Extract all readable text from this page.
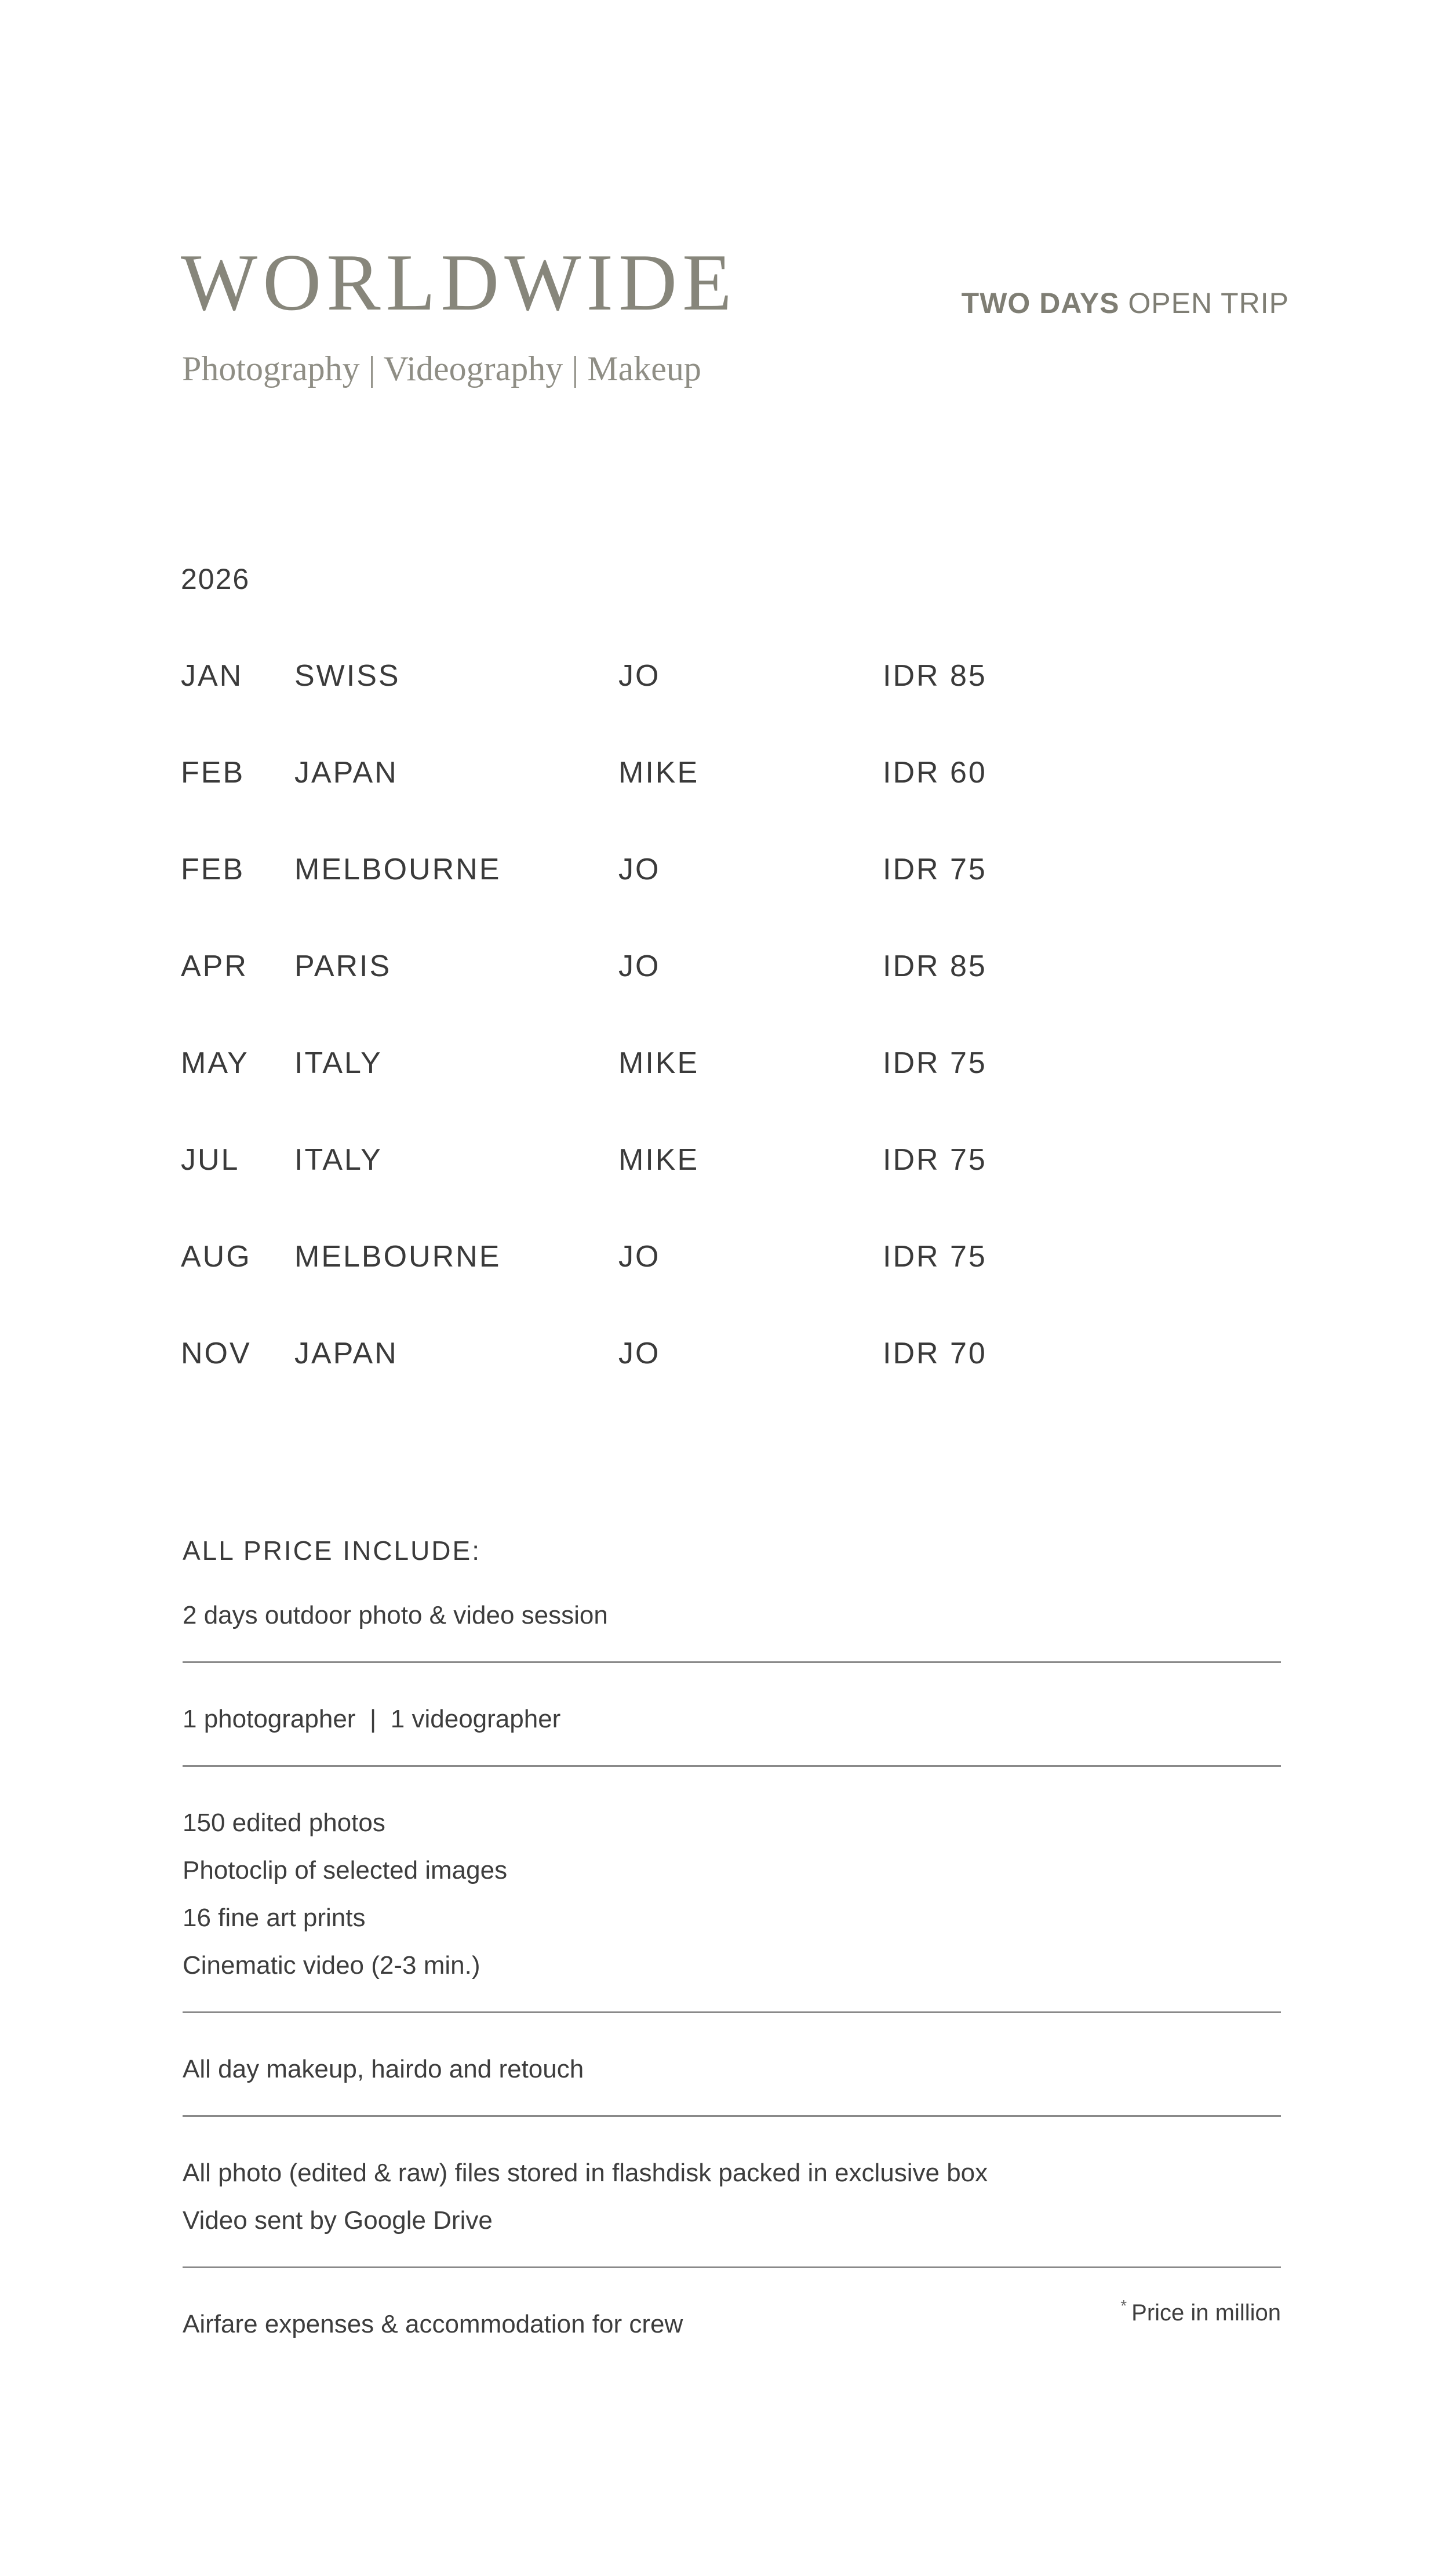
WORLDWIDE
Photography | Videography | Makeup
TWO DAYS OPEN TRIP
2026
JAN SWISS	JO	IDR 85
FEB JAPAN	MIKE	IDR 60
FEB MELBOURNE	JO	IDR 75
APR PARIS	JO	IDR 85
MAY ITALY	MIKE	IDR 75
JUL ITALY	MIKE	IDR 75
AUG MELBOURNE	JO	IDR 75
NOV JAPAN	JO	IDR 70
ALL PRICE INCLUDE:
2 days outdoor photo & video session
1 photographer  |  1 videographer
150 edited photos
Photoclip of selected images
16 fine art prints
Cinematic video (2-3 min.)
All day makeup, hairdo and retouch
All photo (edited & raw) files stored in flashdisk packed in exclusive box
Video sent by Google Drive
Airfare expenses & accommodation for crew
* Price in million
